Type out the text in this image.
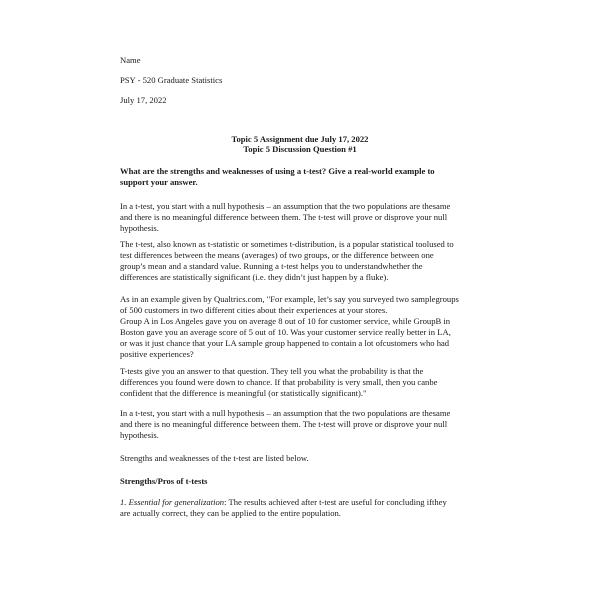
Name

PSY - 520 Graduate Statistics

July 17, 2022

Topic 5 Assignment due July 17, 2022

Topic 5 Discussion Question #1

What are the strengths and weaknesses of using a t-test? Give a real-world example to
support your answer.
In a t-test, you start with a null hypothesis – an assumption that the two populations are thesame
and there is no meaningful difference between them. The t-test will prove or disprove your null
hypothesis.
The t-test, also known as t-statistic or sometimes t-distribution, is a popular statistical toolused to
test differences between the means (averages) of two groups, or the difference between one
group’s mean and a standard value. Running a t-test helps you to understandwhether the
differences are statistically significant (i.e. they didn’t just happen by a fluke).
As in an example given by Qualtrics.com, "For example, let’s say you surveyed two samplegroups
of 500 customers in two different cities about their experiences at your stores.
Group A in Los Angeles gave you on average 8 out of 10 for customer service, while GroupB in
Boston gave you an average score of 5 out of 10. Was your customer service really better in LA,
or was it just chance that your LA sample group happened to contain a lot ofcustomers who had
positive experiences?
T-tests give you an answer to that question. They tell you what the probability is that the
differences you found were down to chance. If that probability is very small, then you canbe
confident that the difference is meaningful (or statistically significant)."
In a t-test, you start with a null hypothesis – an assumption that the two populations are thesame
and there is no meaningful difference between them. The t-test will prove or disprove your null
hypothesis.

Strengths and weaknesses of the t-test are listed below.

Strengths/Pros of t-tests

1. Essential for generalization: The results achieved after t-test are useful for concluding ifthey
are actually correct, they can be applied to the entire population.
